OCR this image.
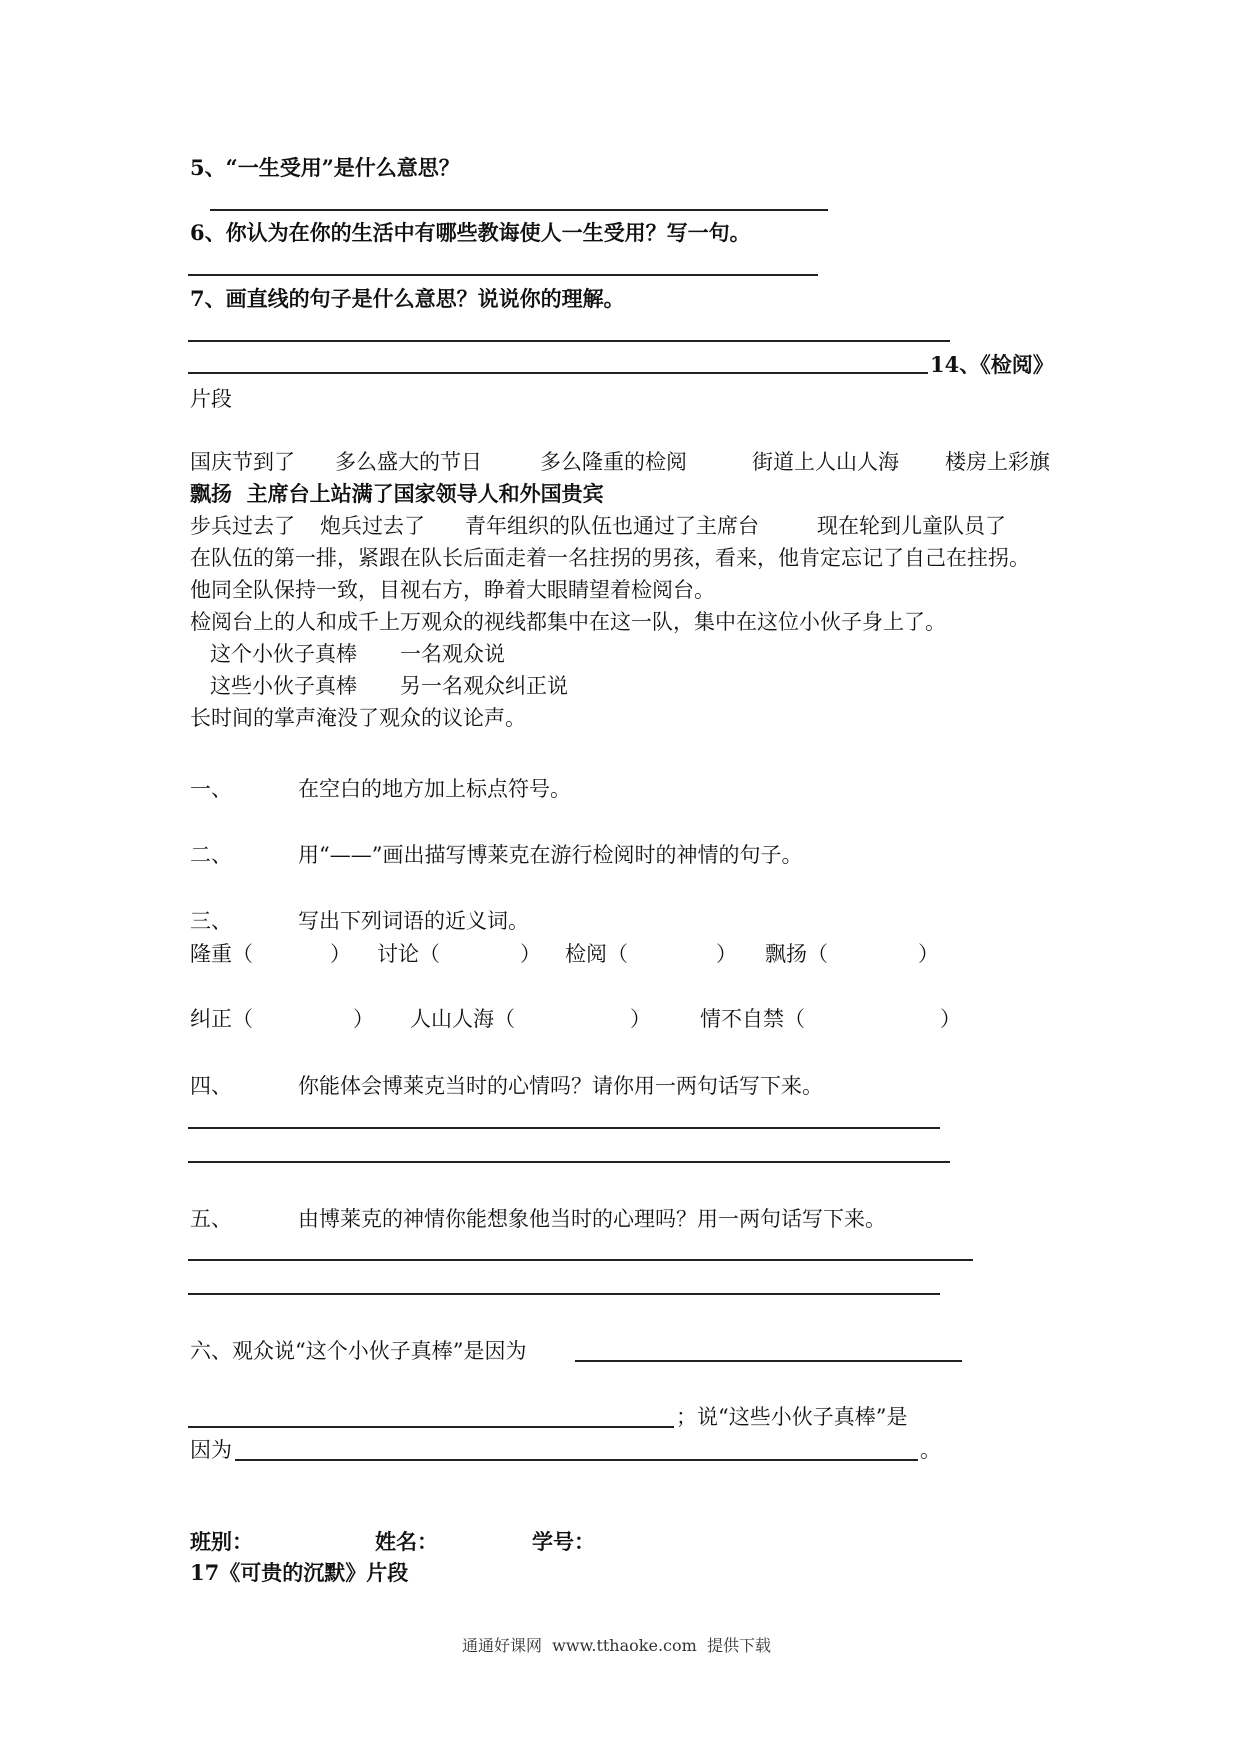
5、“一生受用”是什么意思？
6、你认为在你的生活中有哪些教诲使人一生受用？写一句。
7、画直线的句子是什么意思？说说你的理解。
14、《检阅》
片段
国庆节到了 多么盛大的节日	多么隆重的检阅	街道上人山人海 楼房上彩旗
飘扬  主席台上站满了国家领导人和外国贵宾
步兵过去了 炮兵过去了 青年组织的队伍也通过了主席台	现在轮到儿童队员了
在队伍的第一排，紧跟在队长后面走着一名拄拐的男孩，看来，他肯定忘记了自己在拄拐。
他同全队保持一致，目视右方，睁着大眼睛望着检阅台。
检阅台上的人和成千上万观众的视线都集中在这一队，集中在这位小伙子身上了。
这个小伙子真棒 一名观众说
这些小伙子真棒 另一名观众纠正说
长时间的掌声淹没了观众的议论声。
一、	在空白的地方加上标点符号。
二、	用“——”画出描写博莱克在游行检阅时的神情的句子。
三、	写出下列词语的近义词。
隆重（	） 讨论（	） 检阅（	） 飘扬（	）
纠正（	） 人山人海（	） 情不自禁（	）
四、	你能体会博莱克当时的心情吗？请你用一两句话写下来。
五、	由博莱克的神情你能想象他当时的心理吗？用一两句话写下来。
六、观众说“这个小伙子真棒”是因为
；说“这些小伙子真棒”是
因为	。
班别：	姓名：	学号：
17《可贵的沉默》片段
通通好课网  www.tthaoke.com  提供下载
